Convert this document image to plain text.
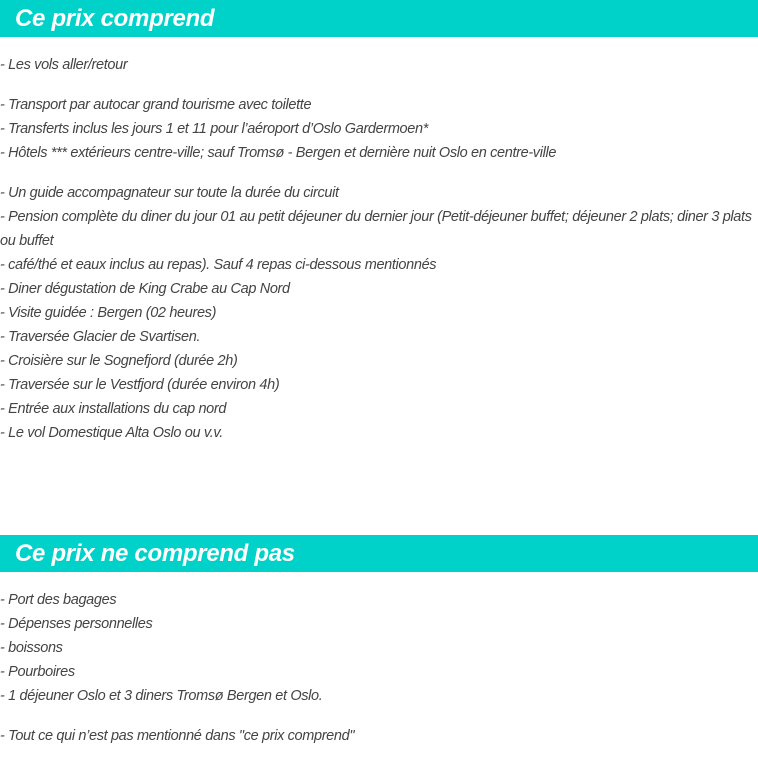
Ce prix comprend
- Les vols aller/retour
- Transport par autocar grand tourisme avec toilette
- Transferts inclus les jours 1 et 11 pour l’aéroport d’Oslo Gardermoen*
- Hôtels *** extérieurs centre-ville; sauf Tromsø - Bergen et dernière nuit Oslo en centre-ville
- Un guide accompagnateur sur toute la durée du circuit
- Pension complète du diner du jour 01 au petit déjeuner du dernier jour (Petit-déjeuner buffet; déjeuner 2 plats; diner 3 plats ou buffet
- café/thé et eaux inclus au repas). Sauf 4 repas ci-dessous mentionnés
- Diner dégustation de King Crabe au Cap Nord
- Visite guidée : Bergen (02 heures)
- Traversée Glacier de Svartisen.
- Croisière sur le Sognefjord (durée 2h)
- Traversée sur le Vestfjord (durée environ 4h)
- Entrée aux installations du cap nord
- Le vol Domestique Alta Oslo ou v.v.
Ce prix ne comprend pas
- Port des bagages
- Dépenses personnelles
- boissons
- Pourboires
- 1 déjeuner Oslo et 3 diners Tromsø Bergen et Oslo.
- Tout ce qui n’est pas mentionné dans "ce prix comprend"
